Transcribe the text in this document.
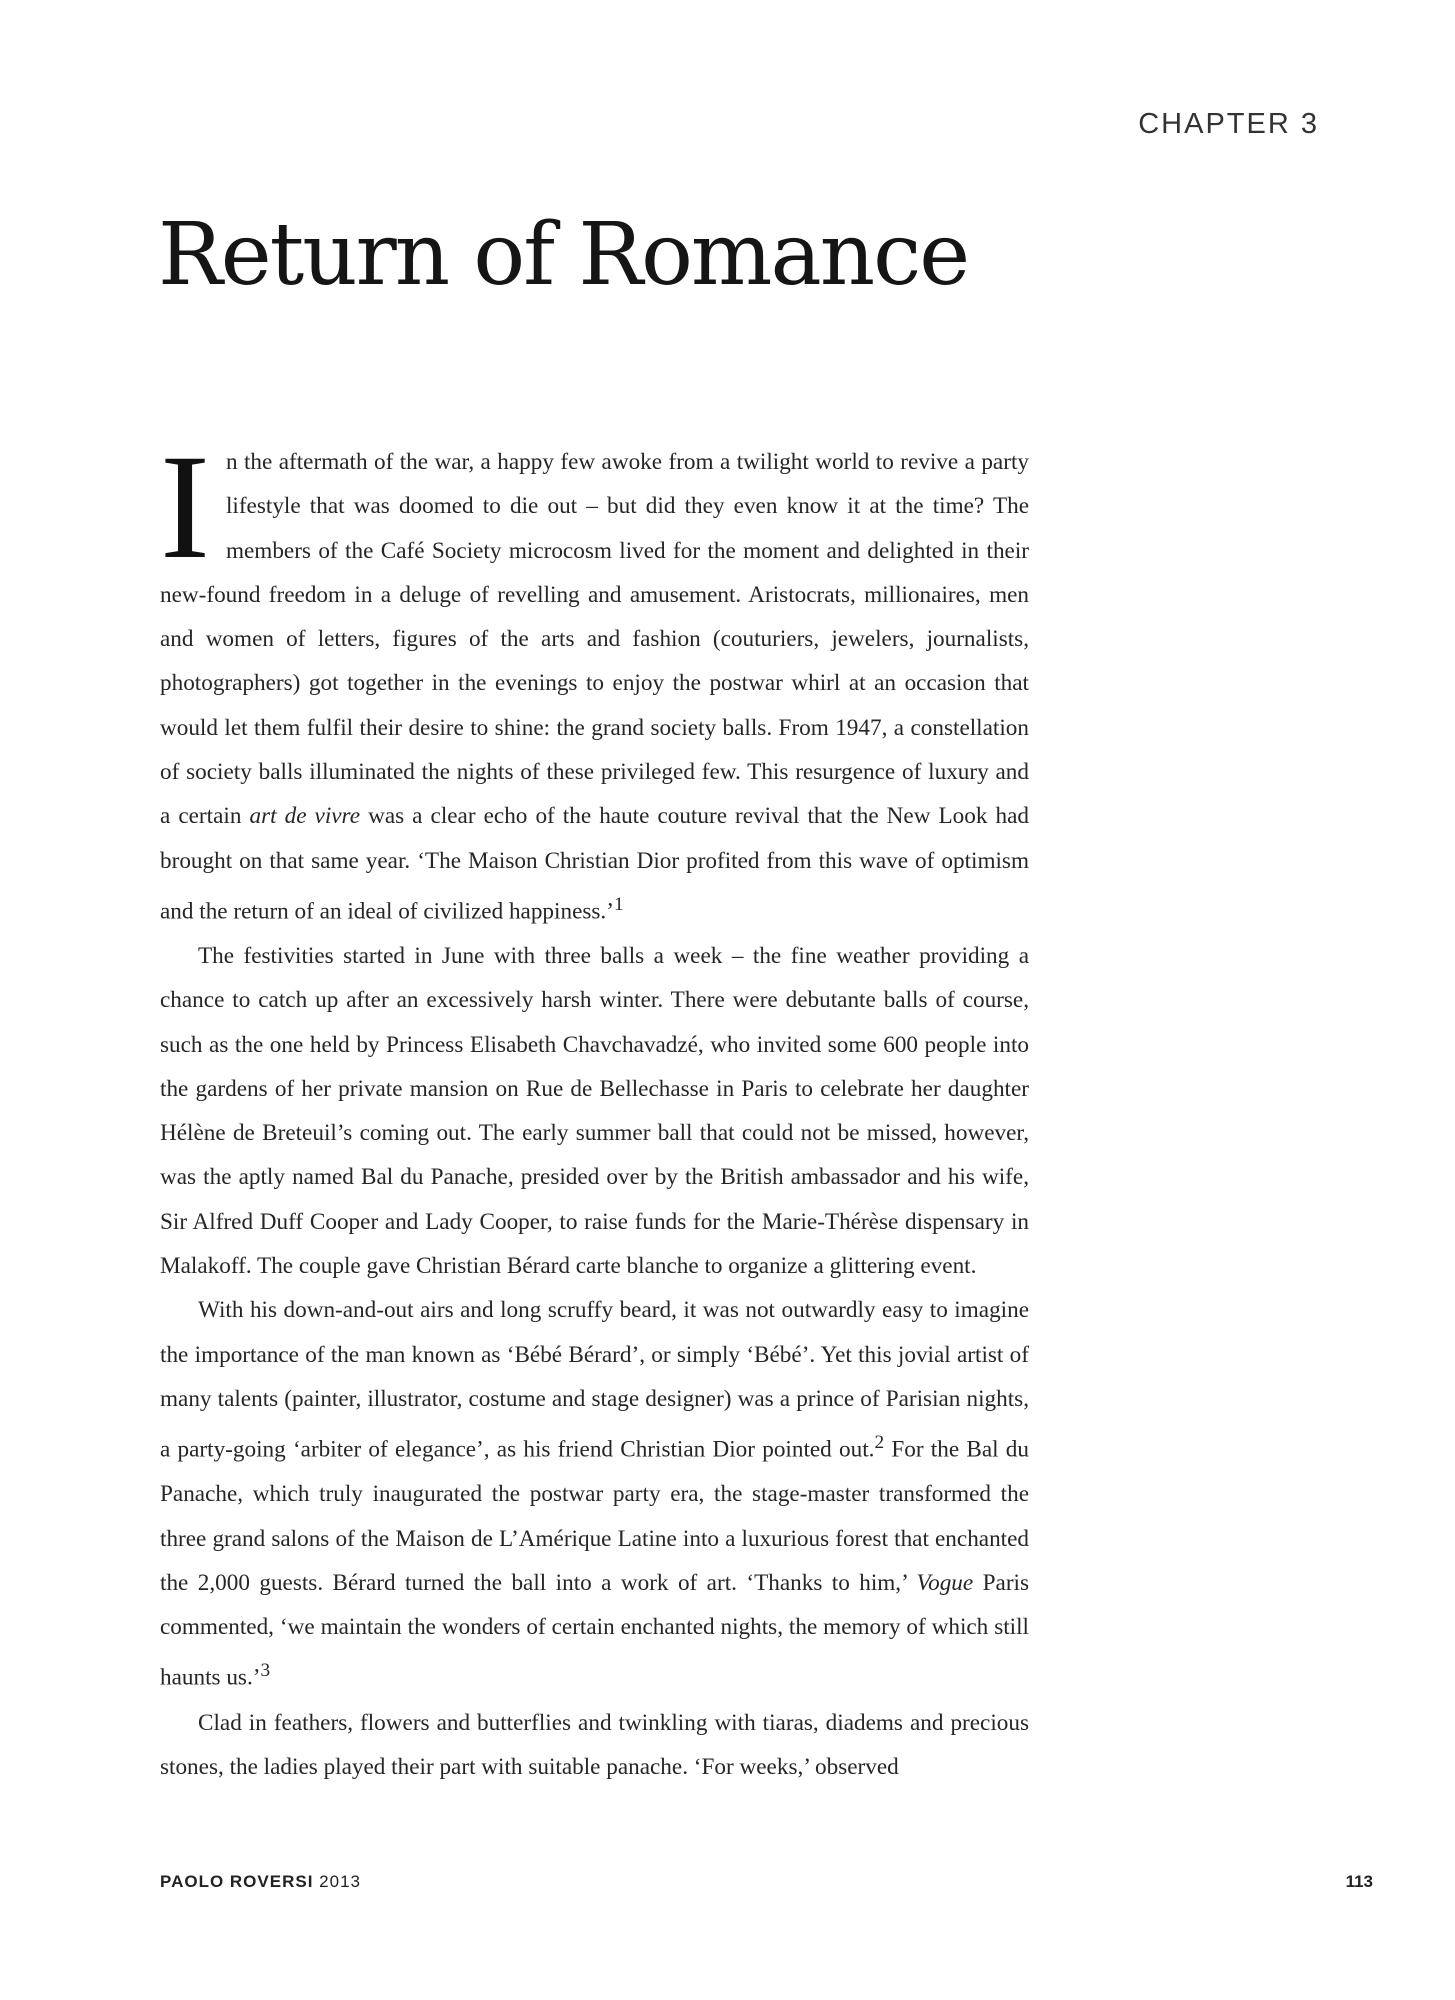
CHAPTER 3
Return of Romance

In the aftermath of the war, a happy few awoke from a twilight world to revive a party lifestyle that was doomed to die out – but did they even know it at the time? The members of the Café Society microcosm lived for the moment and delighted in their new-found freedom in a deluge of revelling and amusement. Aristocrats, millionaires, men and women of letters, figures of the arts and fashion (couturiers, jewelers, journalists, photographers) got together in the evenings to enjoy the postwar whirl at an occasion that would let them fulfil their desire to shine: the grand society balls. From 1947, a constellation of society balls illuminated the nights of these privileged few. This resurgence of luxury and a certain art de vivre was a clear echo of the haute couture revival that the New Look had brought on that same year. ‘The Maison Christian Dior profited from this wave of optimism and the return of an ideal of civilized happiness.’$^1$

The festivities started in June with three balls a week – the fine weather providing a chance to catch up after an excessively harsh winter. There were debutante balls of course, such as the one held by Princess Elisabeth Chavchavadzé, who invited some 600 people into the gardens of her private mansion on Rue de Bellechasse in Paris to celebrate her daughter Hélène de Breteuil’s coming out. The early summer ball that could not be missed, however, was the aptly named Bal du Panache, presided over by the British ambassador and his wife, Sir Alfred Duff Cooper and Lady Cooper, to raise funds for the Marie-Thérèse dispensary in Malakoff. The couple gave Christian Bérard carte blanche to organize a glittering event.

With his down-and-out airs and long scruffy beard, it was not outwardly easy to imagine the importance of the man known as ‘Bébé Bérard’, or simply ‘Bébé’. Yet this jovial artist of many talents (painter, illustrator, costume and stage designer) was a prince of Parisian nights, a party-going ‘arbiter of elegance’, as his friend Christian Dior pointed out.$^2$ For the Bal du Panache, which truly inaugurated the postwar party era, the stage-master transformed the three grand salons of the Maison de L’Amérique Latine into a luxurious forest that enchanted the 2,000 guests. Bérard turned the ball into a work of art. ‘Thanks to him,’ Vogue Paris commented, ‘we maintain the wonders of certain enchanted nights, the memory of which still haunts us.’$^3$

Clad in feathers, flowers and butterflies and twinkling with tiaras, diadems and precious stones, the ladies played their part with suitable panache. ‘For weeks,’ observed

PAOLO ROVERSI 2013	113
